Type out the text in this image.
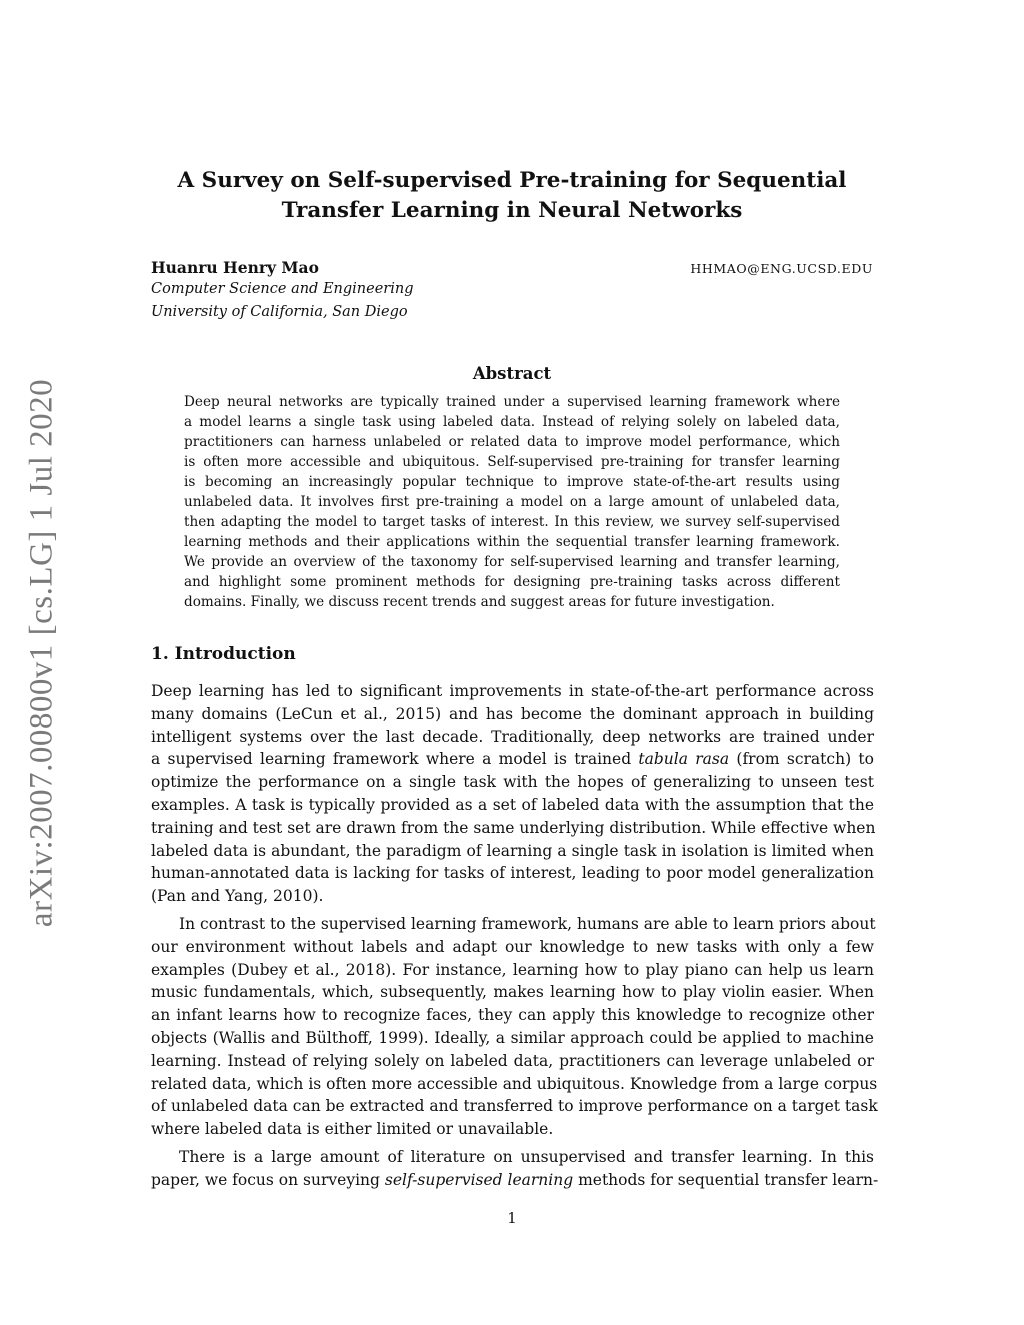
arXiv:2007.00800v1 [cs.LG] 1 Jul 2020
A Survey on Self-supervised Pre-training for Sequential
Transfer Learning in Neural Networks
Huanru Henry Mao	HHMAO@ENG.UCSD.EDU
Computer Science and Engineering
University of California, San Diego
Abstract
Deep neural networks are typically trained under a supervised learning framework where
a model learns a single task using labeled data. Instead of relying solely on labeled data,
practitioners can harness unlabeled or related data to improve model performance, which
is often more accessible and ubiquitous. Self-supervised pre-training for transfer learning
is becoming an increasingly popular technique to improve state-of-the-art results using
unlabeled data. It involves first pre-training a model on a large amount of unlabeled data,
then adapting the model to target tasks of interest. In this review, we survey self-supervised
learning methods and their applications within the sequential transfer learning framework.
We provide an overview of the taxonomy for self-supervised learning and transfer learning,
and highlight some prominent methods for designing pre-training tasks across different
domains. Finally, we discuss recent trends and suggest areas for future investigation.
1. Introduction
Deep learning has led to significant improvements in state-of-the-art performance across
many domains (LeCun et al., 2015) and has become the dominant approach in building
intelligent systems over the last decade. Traditionally, deep networks are trained under
a supervised learning framework where a model is trained tabula rasa (from scratch) to
optimize the performance on a single task with the hopes of generalizing to unseen test
examples. A task is typically provided as a set of labeled data with the assumption that the
training and test set are drawn from the same underlying distribution. While effective when
labeled data is abundant, the paradigm of learning a single task in isolation is limited when
human-annotated data is lacking for tasks of interest, leading to poor model generalization
(Pan and Yang, 2010).
In contrast to the supervised learning framework, humans are able to learn priors about
our environment without labels and adapt our knowledge to new tasks with only a few
examples (Dubey et al., 2018). For instance, learning how to play piano can help us learn
music fundamentals, which, subsequently, makes learning how to play violin easier. When
an infant learns how to recognize faces, they can apply this knowledge to recognize other
objects (Wallis and Bülthoff, 1999). Ideally, a similar approach could be applied to machine
learning. Instead of relying solely on labeled data, practitioners can leverage unlabeled or
related data, which is often more accessible and ubiquitous. Knowledge from a large corpus
of unlabeled data can be extracted and transferred to improve performance on a target task
where labeled data is either limited or unavailable.
There is a large amount of literature on unsupervised and transfer learning. In this
paper, we focus on surveying self-supervised learning methods for sequential transfer learn-
1
